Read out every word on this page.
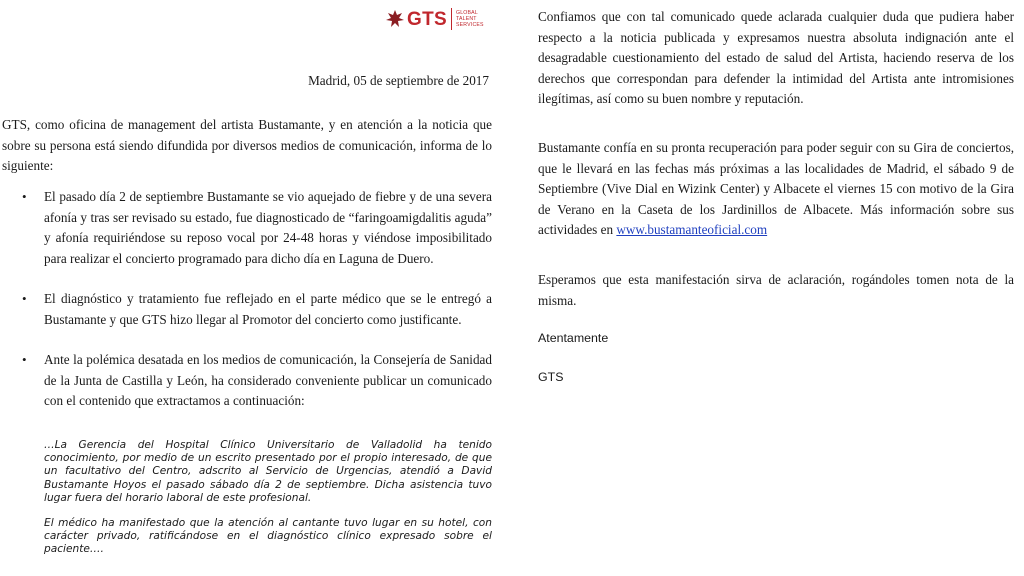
GTS GLOBAL
TALENT
SERVICES
Madrid, 05 de septiembre de 2017

GTS, como oficina de management del artista Bustamante, y en atención a la noticia que sobre su persona está siendo difundida por diversos medios de comunicación, informa de lo siguiente:

• El pasado día 2 de septiembre Bustamante se vio aquejado de fiebre y de una severa afonía y tras ser revisado su estado, fue diagnosticado de “faringoamigdalitis aguda” y afonía requiriéndose su reposo vocal por 24-48 horas y viéndose imposibilitado para realizar el concierto programado para dicho día en Laguna de Duero.
• El diagnóstico y tratamiento fue reflejado en el parte médico que se le entregó a Bustamante y que GTS hizo llegar al Promotor del concierto como justificante.
• Ante la polémica desatada en los medios de comunicación, la Consejería de Sanidad de la Junta de Castilla y León, ha considerado conveniente publicar un comunicado con el contenido que extractamos a continuación:

…La Gerencia del Hospital Clínico Universitario de Valladolid ha tenido conocimiento, por medio de un escrito presentado por el propio interesado, de que un facultativo del Centro, adscrito al Servicio de Urgencias, atendió a David Bustamante Hoyos el pasado sábado día 2 de septiembre. Dicha asistencia tuvo lugar fuera del horario laboral de este profesional.

El médico ha manifestado que la atención al cantante tuvo lugar en su hotel, con carácter privado, ratificándose en el diagnóstico clínico expresado sobre el paciente….

Confiamos que con tal comunicado quede aclarada cualquier duda que pudiera haber respecto a la noticia publicada y expresamos nuestra absoluta indignación ante el desagradable cuestionamiento del estado de salud del Artista, haciendo reserva de los derechos que correspondan para defender la intimidad del Artista ante intromisiones ilegítimas, así como su buen nombre y reputación.

Bustamante confía en su pronta recuperación para poder seguir con su Gira de conciertos, que le llevará en las fechas más próximas a las localidades de Madrid, el sábado 9 de Septiembre (Vive Dial en Wizink Center) y Albacete el viernes 15 con motivo de la Gira de Verano en la Caseta de los Jardinillos de Albacete. Más información sobre sus actividades en www.bustamanteoficial.com

Esperamos que esta manifestación sirva de aclaración, rogándoles tomen nota de la misma.

Atentamente
GTS
